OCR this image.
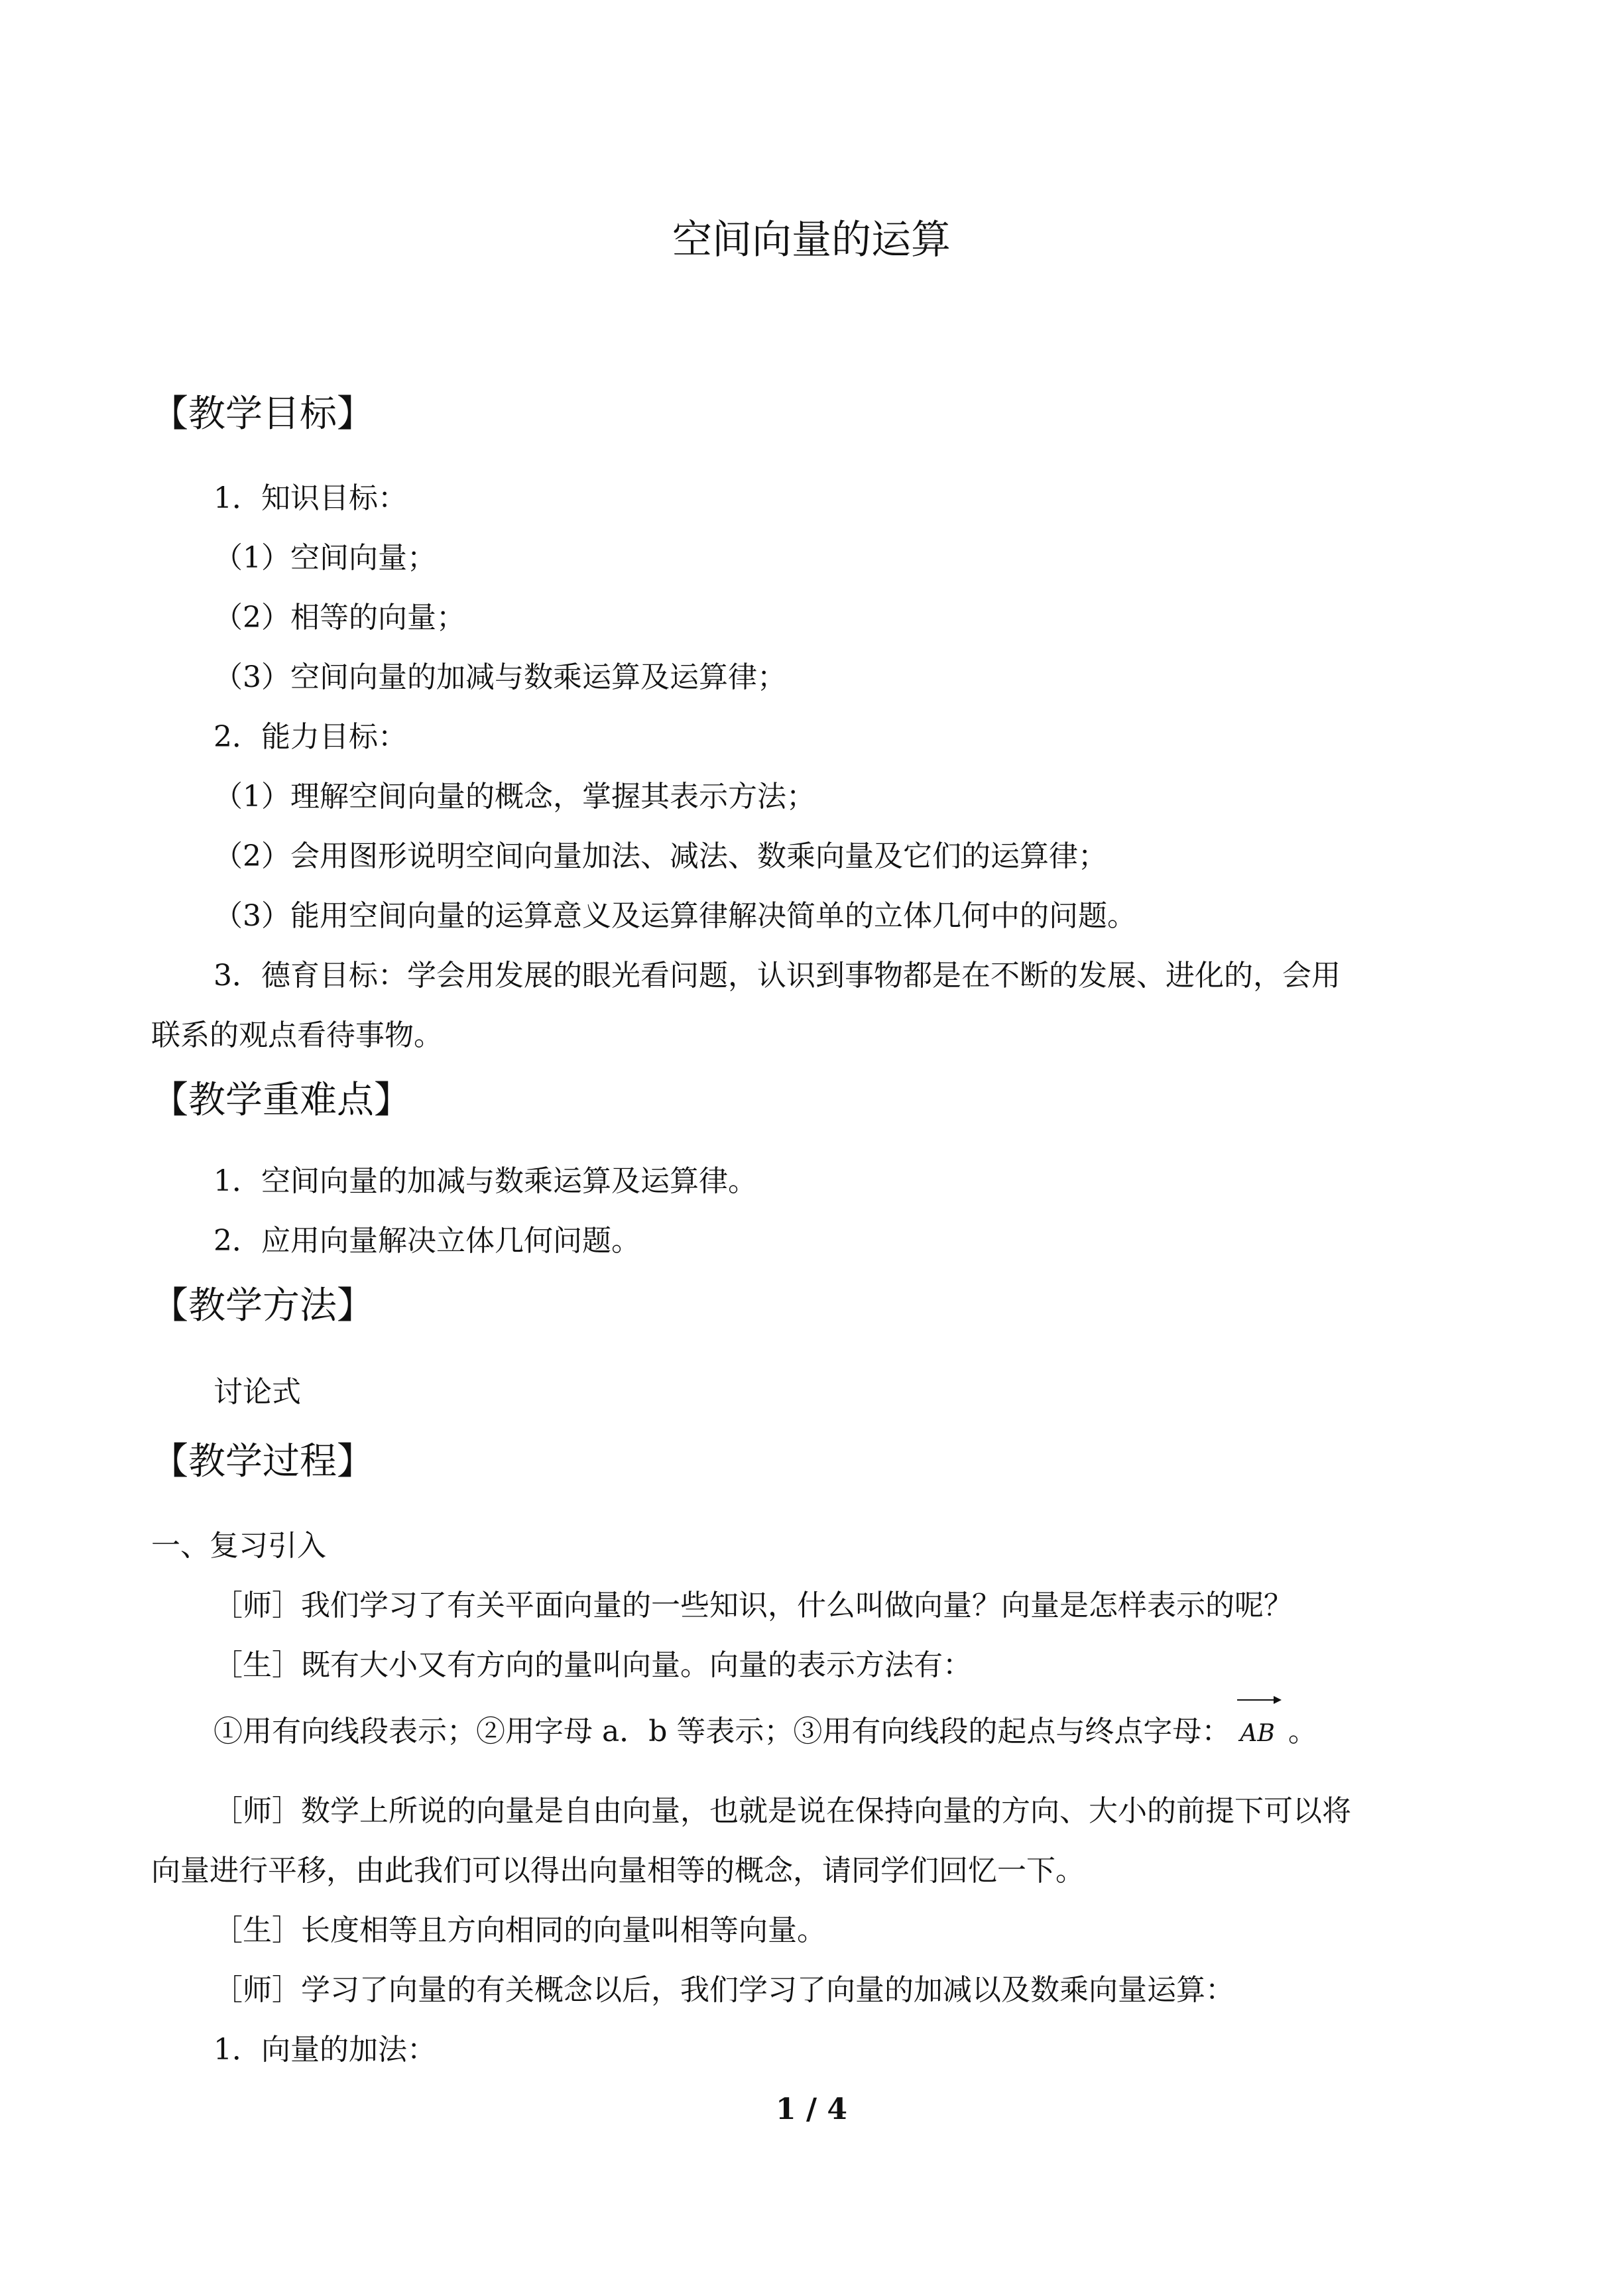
空间向量的运算
【教学目标】
1．知识目标：
（1）空间向量；
（2）相等的向量；
（3）空间向量的加减与数乘运算及运算律；
2．能力目标：
（1）理解空间向量的概念，掌握其表示方法；
（2）会用图形说明空间向量加法、减法、数乘向量及它们的运算律；
（3）能用空间向量的运算意义及运算律解决简单的立体几何中的问题。
3．德育目标：学会用发展的眼光看问题，认识到事物都是在不断的发展、进化的，会用
联系的观点看待事物。
【教学重难点】
1．空间向量的加减与数乘运算及运算律。
2．应用向量解决立体几何问题。
【教学方法】
讨论式
【教学过程】
一、复习引入
［师］我们学习了有关平面向量的一些知识，什么叫做向量？向量是怎样表示的呢？
［生］既有大小又有方向的量叫向量。向量的表示方法有：
①用有向线段表示；②用字母 a．b 等表示；③用有向线段的起点与终点字母： AB 。
［师］数学上所说的向量是自由向量，也就是说在保持向量的方向、大小的前提下可以将
向量进行平移，由此我们可以得出向量相等的概念，请同学们回忆一下。
［生］长度相等且方向相同的向量叫相等向量。
［师］学习了向量的有关概念以后，我们学习了向量的加减以及数乘向量运算：
1．向量的加法：
1 / 4
